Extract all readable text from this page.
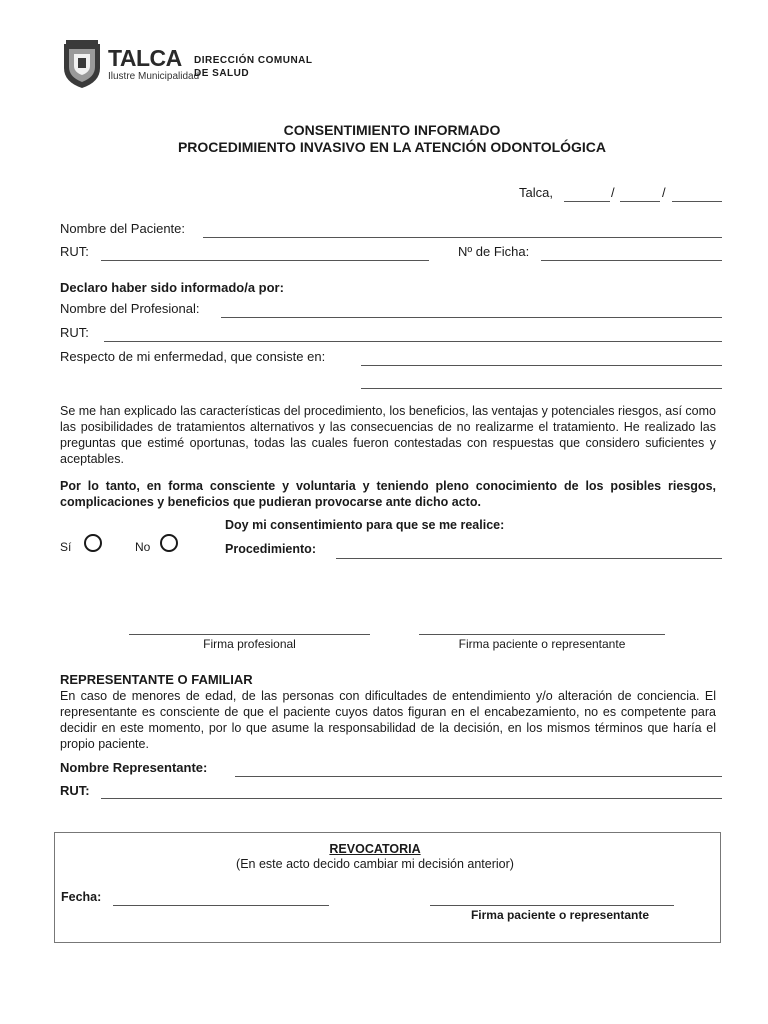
TALCA
Ilustre Municipalidad
DIRECCIÓN COMUNAL
DE SALUD
CONSENTIMIENTO INFORMADO
PROCEDIMIENTO INVASIVO EN LA ATENCIÓN ODONTOLÓGICA
Talca,	/	/
Nombre del Paciente:
RUT:	Nº de Ficha:
Declaro haber sido informado/a por:
Nombre del Profesional:
RUT:
Respecto de mi enfermedad, que consiste en:
Se me han explicado las características del procedimiento, los beneficios, las ventajas y potenciales riesgos, así como las posibilidades de tratamientos alternativos y las consecuencias de no realizarme el tratamiento. He realizado las preguntas que estimé oportunas, todas las cuales fueron contestadas con respuestas que considero suficientes y aceptables.
Por lo tanto, en forma consciente y voluntaria y teniendo pleno conocimiento de los posibles riesgos, complicaciones y beneficios que pudieran provocarse ante dicho acto.
Doy mi consentimiento para que se me realice:
Sí	No	Procedimiento:
Firma profesional	Firma paciente o representante
REPRESENTANTE O FAMILIAR
En caso de menores de edad, de las personas con dificultades de entendimiento y/o alteración de conciencia. El representante es consciente de que el paciente cuyos datos figuran en el encabezamiento, no es competente para decidir en este momento, por lo que asume la responsabilidad de la decisión, en los mismos términos que haría el propio paciente.
Nombre Representante:
RUT:
REVOCATORIA
(En este acto decido cambiar mi decisión anterior)
Fecha:
Firma paciente o representante
